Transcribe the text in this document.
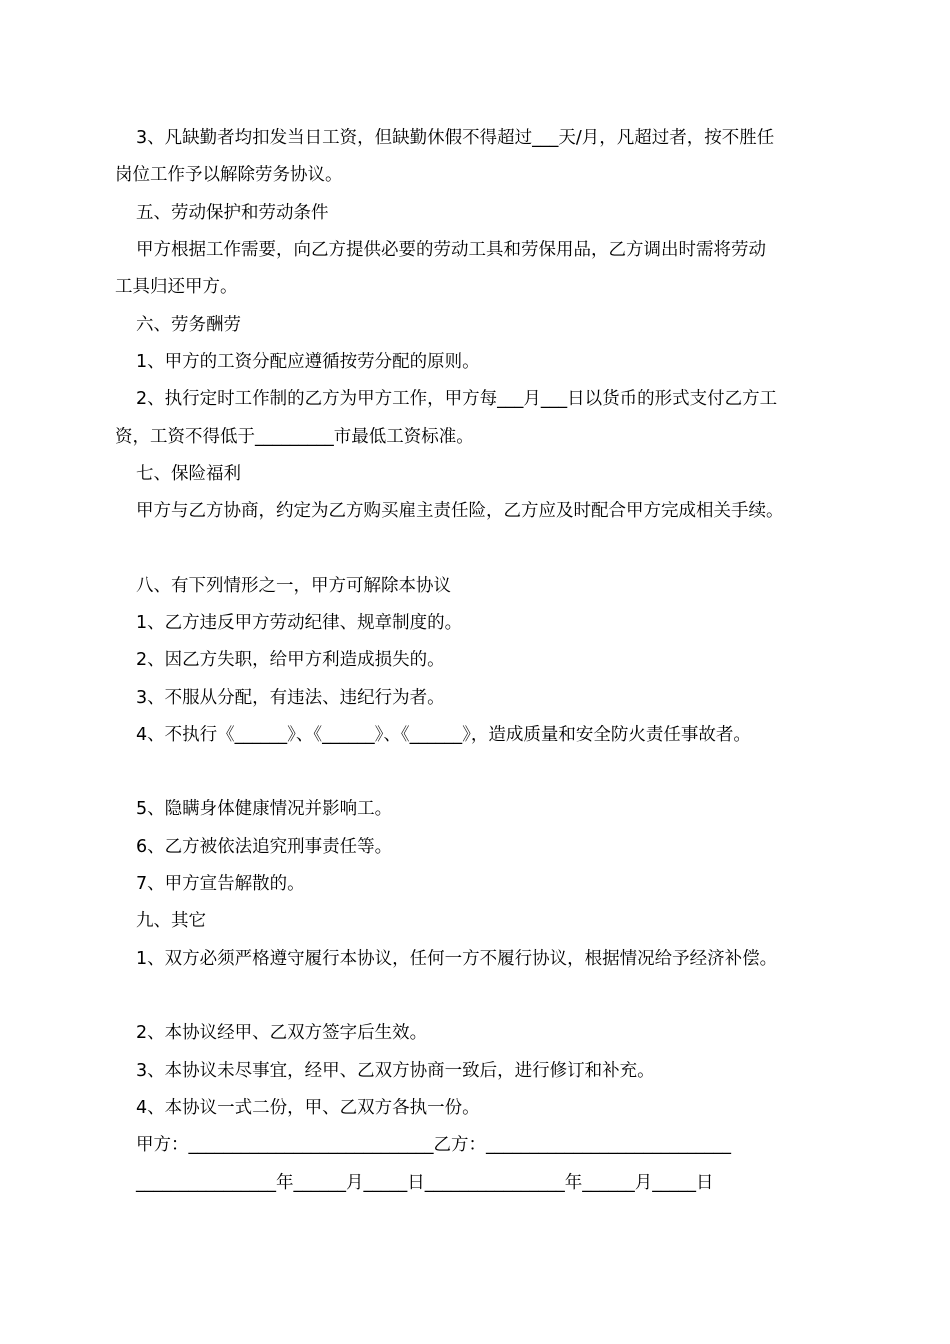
3、凡缺勤者均扣发当日工资，但缺勤休假不得超过___天/月，凡超过者，按不胜任
岗位工作予以解除劳务协议。
五、劳动保护和劳动条件
甲方根据工作需要，向乙方提供必要的劳动工具和劳保用品，乙方调出时需将劳动
工具归还甲方。
六、劳务酬劳
1、甲方的工资分配应遵循按劳分配的原则。
2、执行定时工作制的乙方为甲方工作，甲方每___月___日以货币的形式支付乙方工
资，工资不得低于_________市最低工资标准。
七、保险福利
甲方与乙方协商，约定为乙方购买雇主责任险，乙方应及时配合甲方完成相关手续。
八、有下列情形之一，甲方可解除本协议
1、乙方违反甲方劳动纪律、规章制度的。
2、因乙方失职，给甲方利造成损失的。
3、不服从分配，有违法、违纪行为者。
4、不执行《______》、《______》、《______》，造成质量和安全防火责任事故者。
5、隐瞒身体健康情况并影响工。
6、乙方被依法追究刑事责任等。
7、甲方宣告解散的。
九、其它
1、双方必须严格遵守履行本协议，任何一方不履行协议，根据情况给予经济补偿。
2、本协议经甲、乙双方签字后生效。
3、本协议未尽事宜，经甲、乙双方协商一致后，进行修订和补充。
4、本协议一式二份，甲、乙双方各执一份。
甲方：____________________________乙方：____________________________
________________年______月_____日________________年______月_____日
